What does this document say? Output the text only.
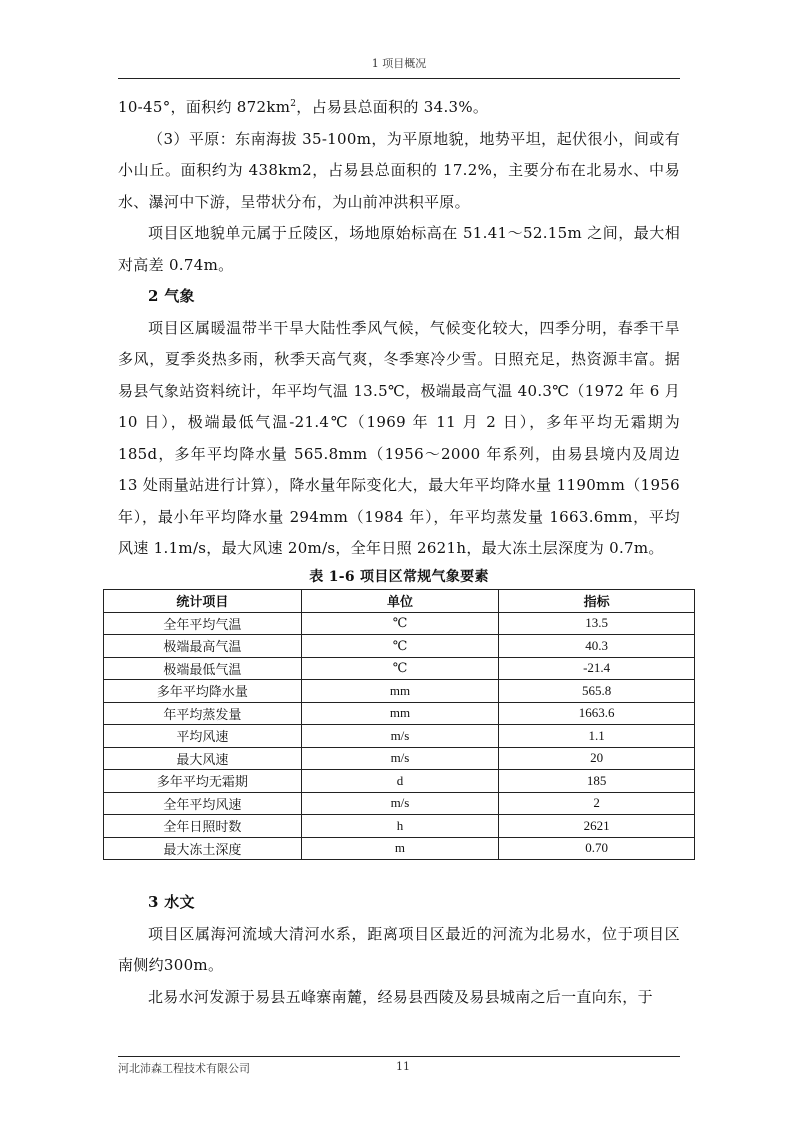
1 项目概况

10-45°，面积约 $872km^2$，占易县总面积的 34.3%。

（3）平原：东南海拔 35-100m，为平原地貌，地势平坦，起伏很小，间或有小山丘。面积约为 438km2，占易县总面积的 17.2%，主要分布在北易水、中易水、瀑河中下游，呈带状分布，为山前冲洪积平原。

项目区地貌单元属于丘陵区，场地原始标高在 51.41～52.15m 之间，最大相对高差 0.74m。

2 气象

项目区属暖温带半干旱大陆性季风气候，气候变化较大，四季分明，春季干旱多风，夏季炎热多雨，秋季天高气爽，冬季寒冷少雪。日照充足，热资源丰富。据易县气象站资料统计，年平均气温 13.5℃，极端最高气温 40.3℃（1972 年 6 月 10 日），极端最低气温-21.4℃（1969 年 11 月 2 日），多年平均无霜期为 185d，多年平均降水量 565.8mm（1956～2000 年系列，由易县境内及周边 13 处雨量站进行计算），降水量年际变化大，最大年平均降水量 1190mm（1956 年），最小年平均降水量 294mm（1984 年），年平均蒸发量 1663.6mm，平均风速 1.1m/s，最大风速 20m/s，全年日照 2621h，最大冻土层深度为 0.7m。

表 1-6 项目区常规气象要素
统计项目	单位	指标
全年平均气温	℃	13.5
极端最高气温	℃	40.3
极端最低气温	℃	-21.4
多年平均降水量	mm	565.8
年平均蒸发量	mm	1663.6
平均风速	m/s	1.1
最大风速	m/s	20
多年平均无霜期	d	185
全年平均风速	m/s	2
全年日照时数	h	2621
最大冻土深度	m	0.70

3 水文

项目区属海河流域大清河水系，距离项目区最近的河流为北易水，位于项目区南侧约300m。

北易水河发源于易县五峰寨南麓，经易县西陵及易县城南之后一直向东，于

河北沛森工程技术有限公司	11
